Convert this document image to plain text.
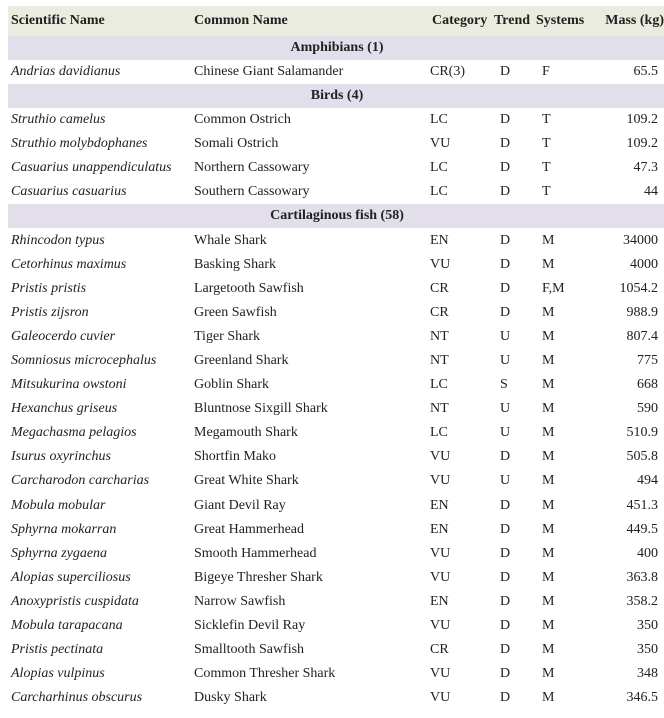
Scientific Name	Common Name	Category	Trend	Systems	Mass (kg)
Amphibians (1)					
Andrias davidianus	Chinese Giant Salamander	CR(3)	D	F	65.5
Birds (4)					
Struthio camelus	Common Ostrich	LC	D	T	109.2
Struthio molybdophanes	Somali Ostrich	VU	D	T	109.2
Casuarius unappendiculatus	Northern Cassowary	LC	D	T	47.3
Casuarius casuarius	Southern Cassowary	LC	D	T	44
Cartilaginous fish (58)					
Rhincodon typus	Whale Shark	EN	D	M	34000
Cetorhinus maximus	Basking Shark	VU	D	M	4000
Pristis pristis	Largetooth Sawfish	CR	D	F,M	1054.2
Pristis zijsron	Green Sawfish	CR	D	M	988.9
Galeocerdo cuvier	Tiger Shark	NT	U	M	807.4
Somniosus microcephalus	Greenland Shark	NT	U	M	775
Mitsukurina owstoni	Goblin Shark	LC	S	M	668
Hexanchus griseus	Bluntnose Sixgill Shark	NT	U	M	590
Megachasma pelagios	Megamouth Shark	LC	U	M	510.9
Isurus oxyrinchus	Shortfin Mako	VU	D	M	505.8
Carcharodon carcharias	Great White Shark	VU	U	M	494
Mobula mobular	Giant Devil Ray	EN	D	M	451.3
Sphyrna mokarran	Great Hammerhead	EN	D	M	449.5
Sphyrna zygaena	Smooth Hammerhead	VU	D	M	400
Alopias superciliosus	Bigeye Thresher Shark	VU	D	M	363.8
Anoxypristis cuspidata	Narrow Sawfish	EN	D	M	358.2
Mobula tarapacana	Sicklefin Devil Ray	VU	D	M	350
Pristis pectinata	Smalltooth Sawfish	CR	D	M	350
Alopias vulpinus	Common Thresher Shark	VU	D	M	348
Carcharhinus obscurus	Dusky Shark	VU	D	M	346.5
